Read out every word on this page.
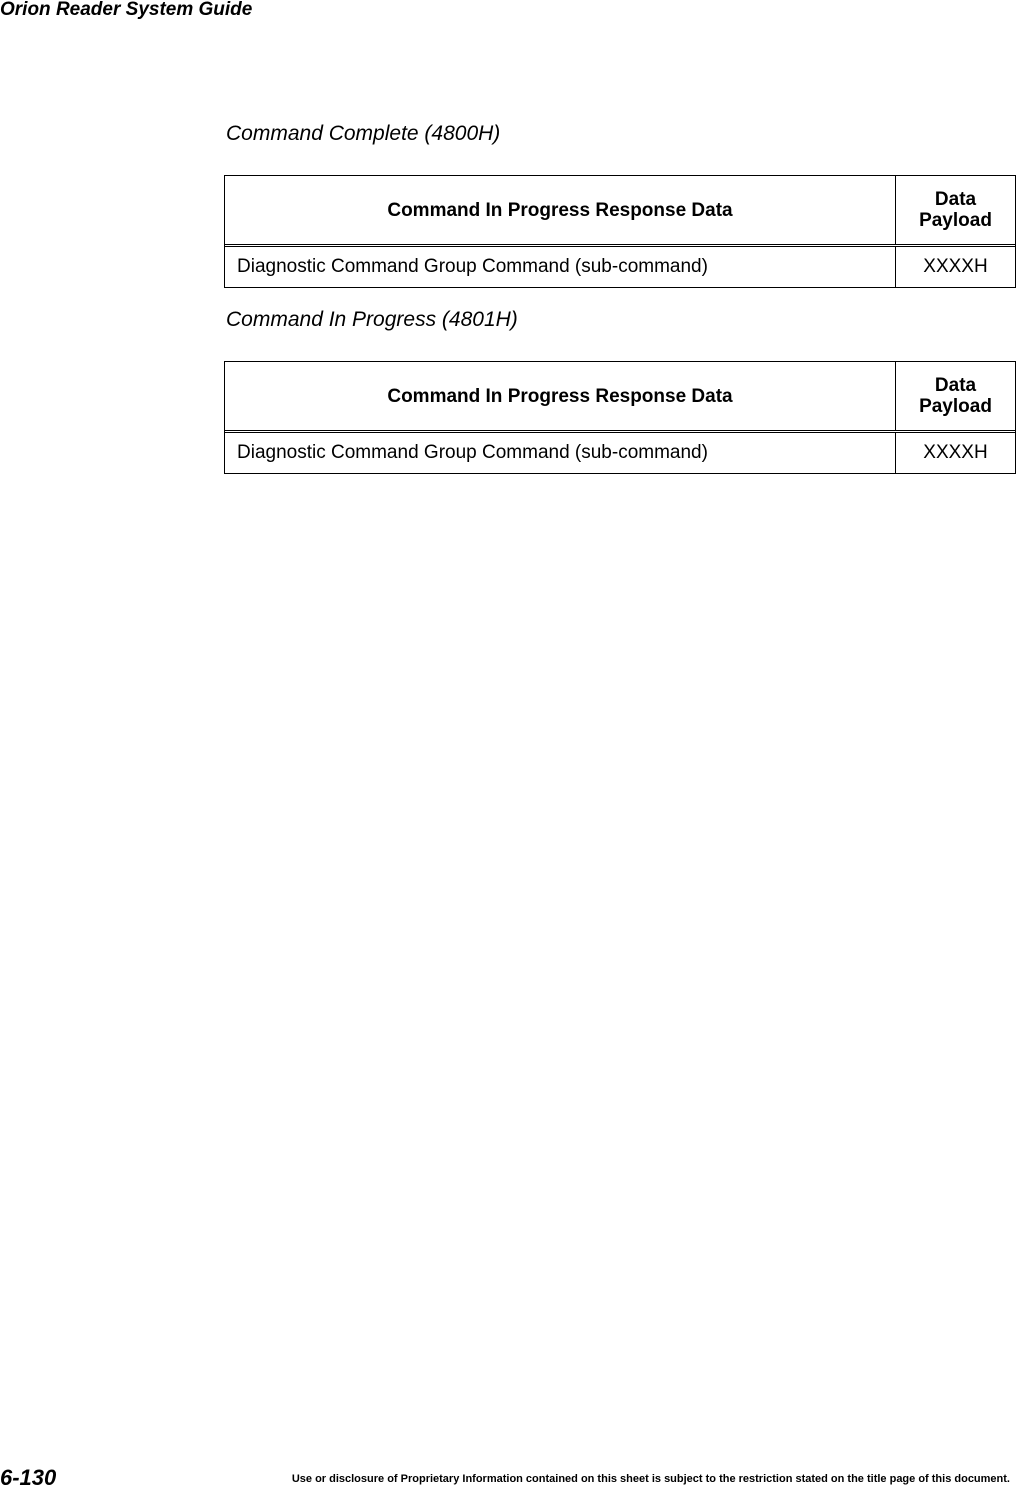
Orion Reader System Guide
Command Complete (4800H)
Command In Progress Response Data	Data
Payload
Diagnostic Command Group Command (sub-command)	XXXXH
Command In Progress (4801H)
Command In Progress Response Data	Data
Payload
Diagnostic Command Group Command (sub-command)	XXXXH
6-130	Use or disclosure of Proprietary Information contained on this sheet is subject to the restriction stated on the title page of this document.
